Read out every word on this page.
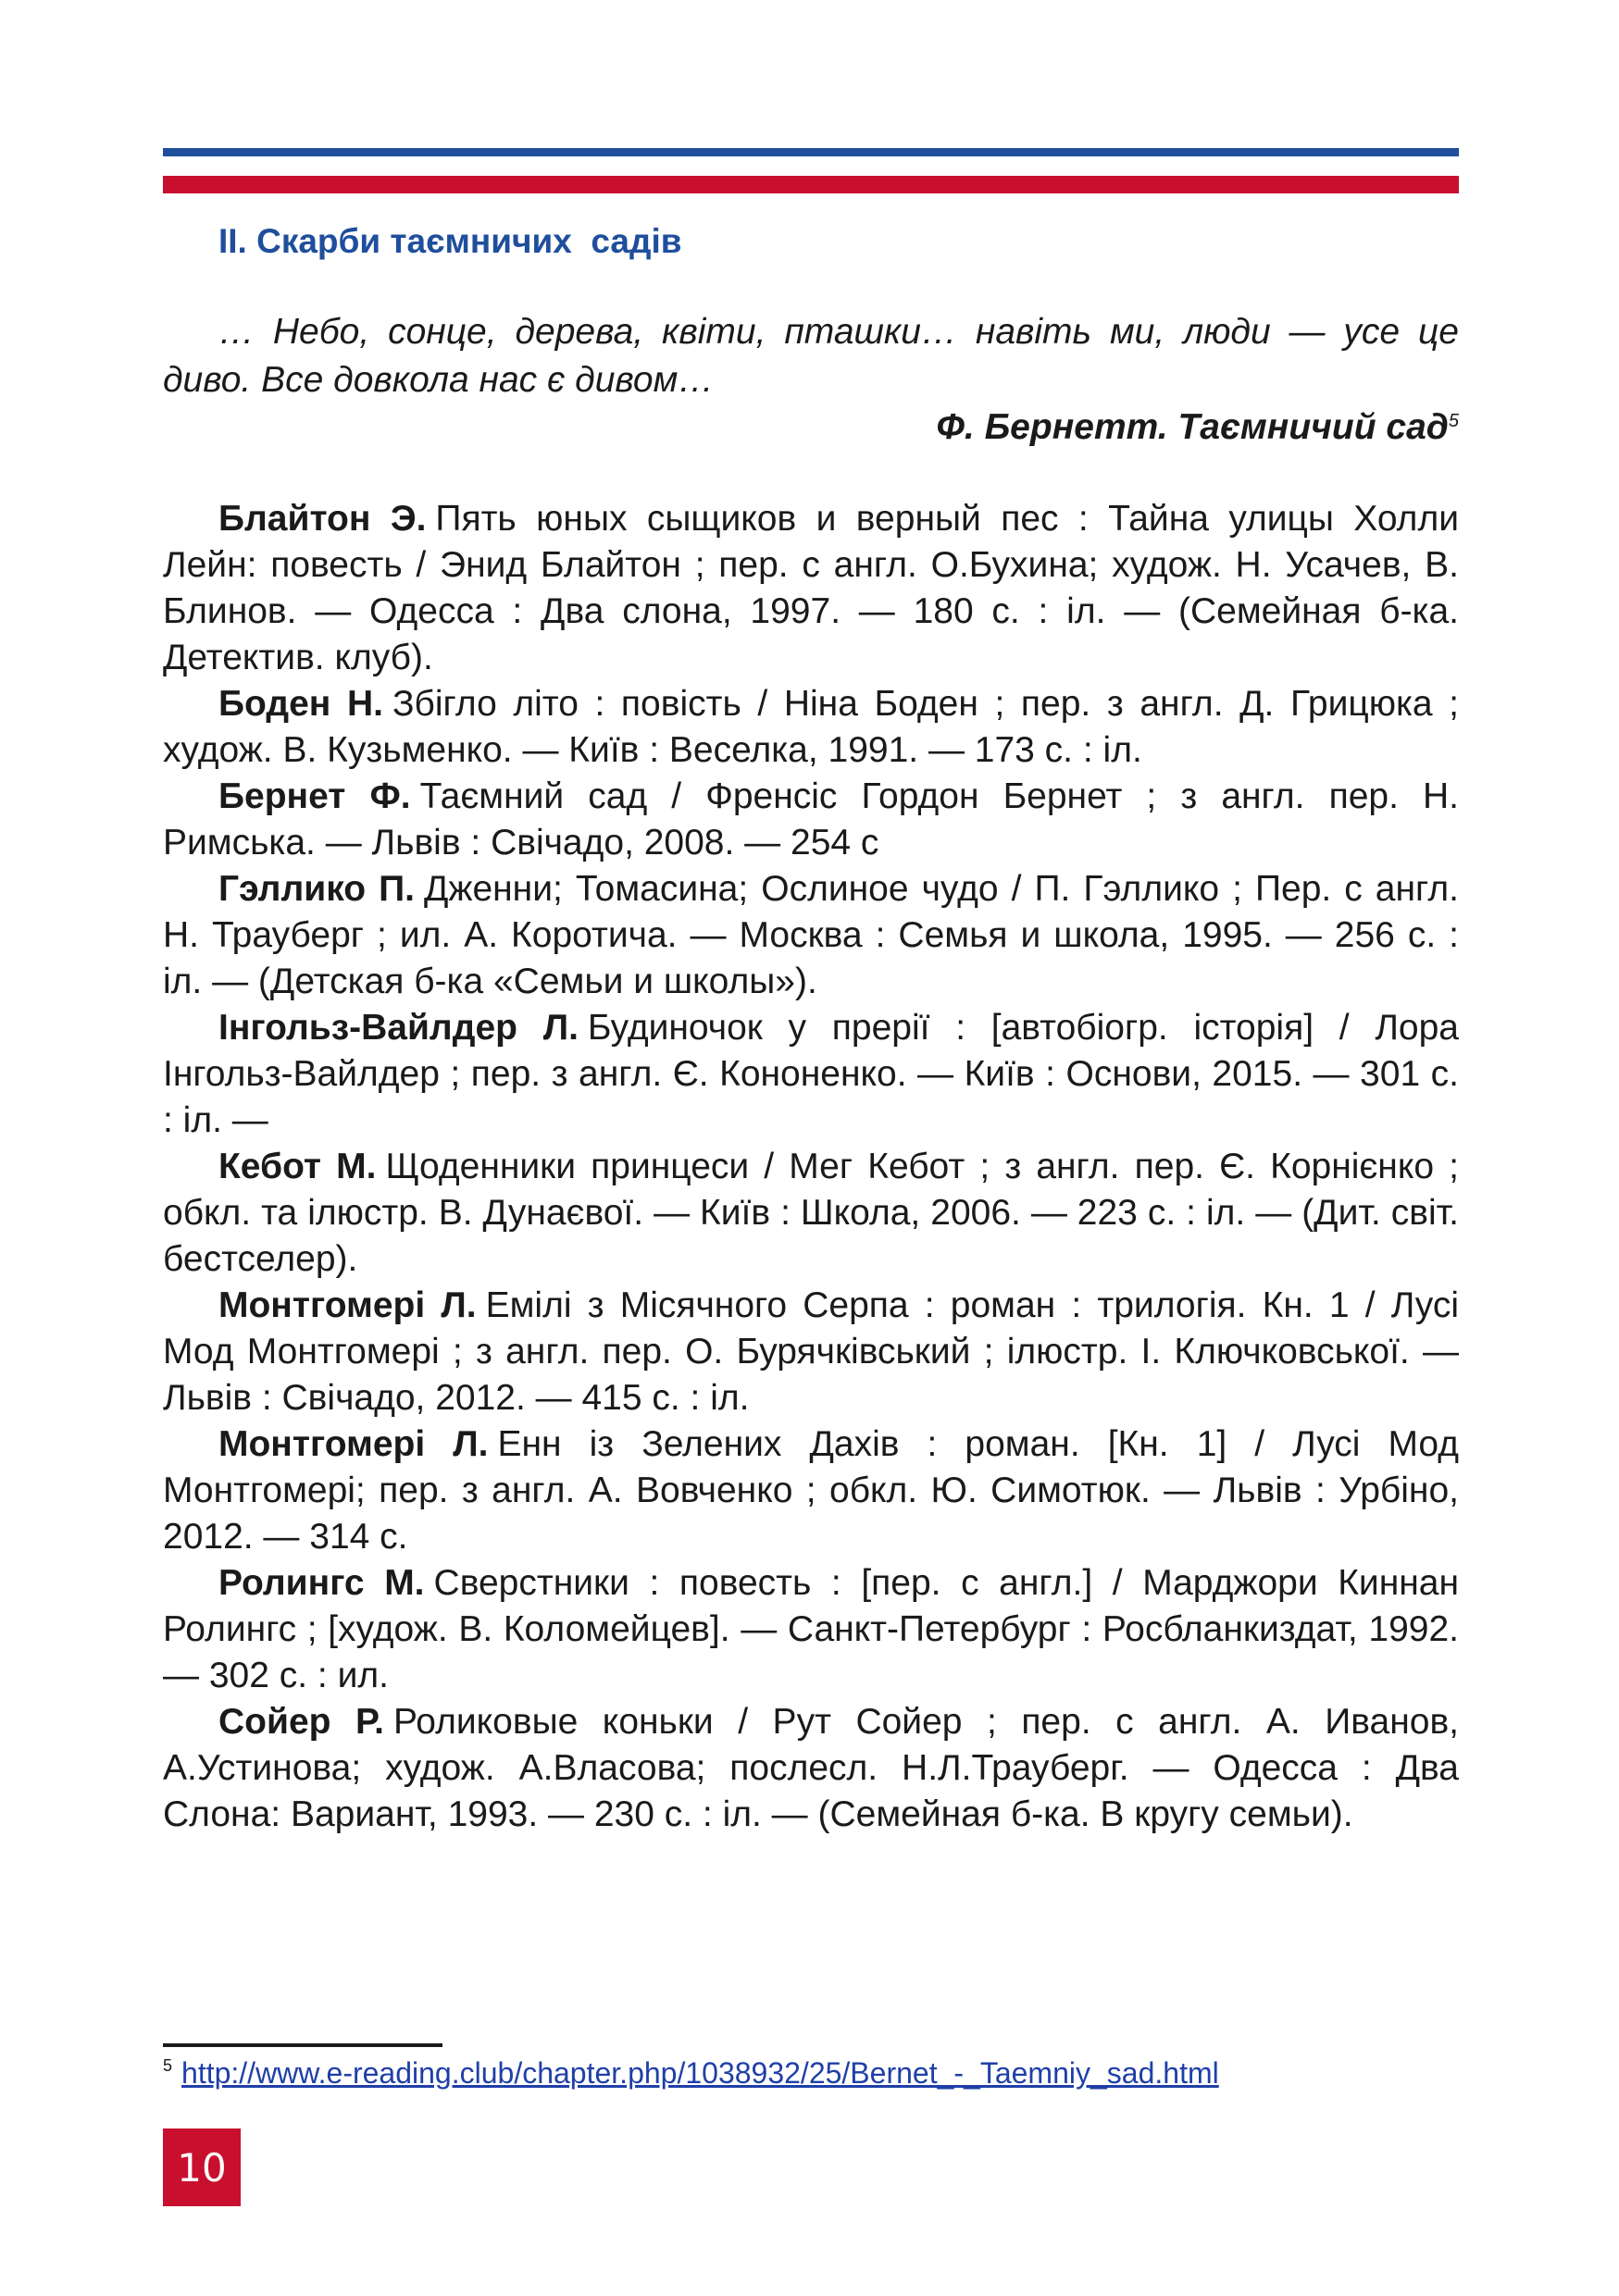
ІІ. Скарби таємничих  садів

… Небо, сонце, дерева, квіти, пташки… навіть ми, люди — усе це диво. Все довкола нас є дивом…

Ф. Бернетт. Таємничий сад$^5$
Блайтон Э. Пять юных сыщиков и верный пес : Тайна улицы Холли Лейн: повесть / Энид Блайтон ; пер. с англ. О.Бухина; худож. Н. Усачев, В. Блинов. — Одесса : Два слона, 1997. — 180 с. : іл. — (Семейная б-ка. Детектив. клуб).
Боден Н. Збігло літо : повість / Ніна Боден ; пер. з англ. Д. Грицюка ; худож. В. Кузьменко. — Київ : Веселка, 1991. — 173 с. : іл.
Бернет Ф. Таємний сад / Френсіс Гордон Бернет ; з англ. пер. Н. Римська. — Львів : Свічадо, 2008. — 254 с
Гэллико П. Дженни; Томасина; Ослиное чудо / П. Гэллико ; Пер. с англ. Н. Трауберг ; ил. А. Коротича. — Москва : Семья и школа, 1995. — 256 с. : іл. — (Детская б-ка «Семьи и школы»).
Інгольз-Вайлдер Л. Будиночок у прерії : [автобіогр. історія] / Лора Інгольз-Вайлдер ; пер. з англ. Є. Кононенко. — Київ : Основи, 2015. — 301 с. : іл. —
Кебот М. Щоденники принцеси / Мег Кебот ; з англ. пер. Є. Корнієнко ; обкл. та ілюстр. В. Дунаєвої. — Київ : Школа, 2006. — 223 с. : іл. — (Дит. світ. бестселер).
Монтгомері Л. Емілі з Місячного Серпа : роман : трилогія. Кн. 1 / Лусі Мод Монтгомері ; з англ. пер. О. Бурячківський ; ілюстр. І. Ключковської. — Львів : Свічадо, 2012. — 415 с. : іл.
Монтгомері Л. Енн із Зелених Дахів : роман. [Кн. 1] / Лусі Мод Монтгомері; пер. з англ. А. Вовченко ; обкл. Ю. Симотюк. — Львів : Урбіно, 2012. — 314 с.
Ролингс М. Сверстники : повесть : [пер. с англ.] / Марджори Киннан Ролингс ; [худож. В. Коломейцев]. — Санкт-Петербург : Росбланкиздат, 1992. — 302 с. : ил.
Сойер Р. Роликовые коньки / Рут Сойер ; пер. с англ. А. Иванов, А.Устинова; худож. А.Власова; послесл. Н.Л.Трауберг. — Одесса : Два Слона: Вариант, 1993. — 230 с. : іл. — (Семейная б-ка. В кругу семьи).
$^5$ http://www.e-reading.club/chapter.php/1038932/25/Bernet_-_Taemniy_sad.html
10
